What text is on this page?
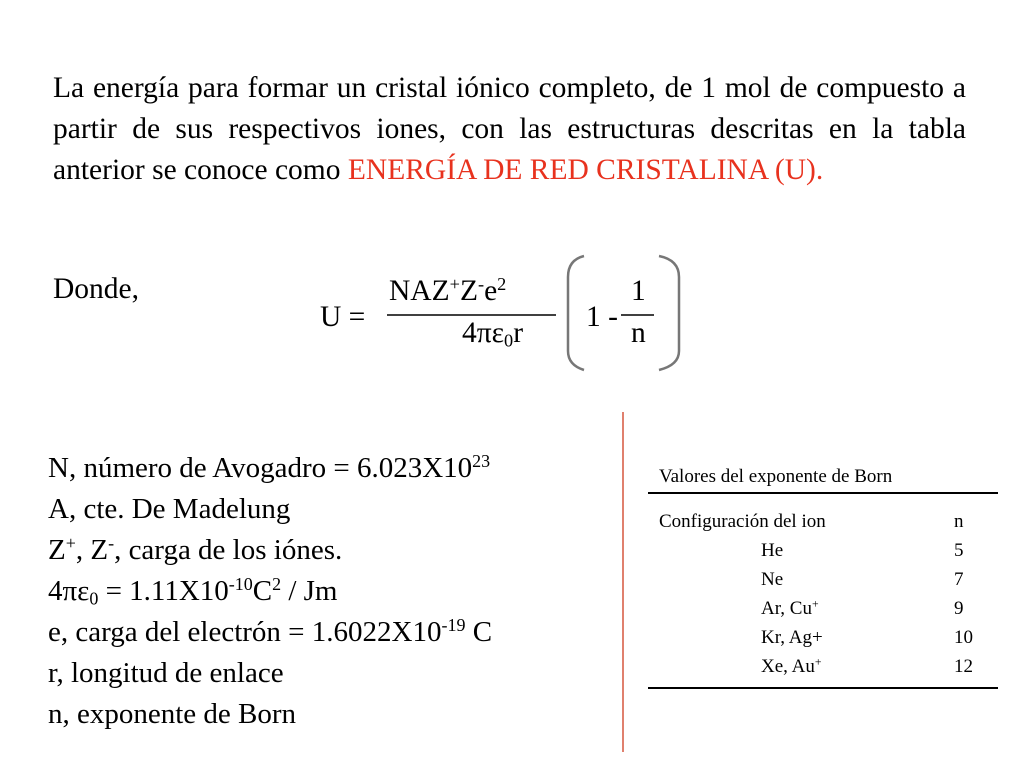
La energía para formar un cristal iónico completo, de 1 mol de compuesto a partir de sus respectivos iones, con las estructuras descritas en la tabla anterior se conoce como ENERGÍA DE RED CRISTALINA (U).

Donde,

U =
$NAZ^+Z^-e^2$
$4\pi\varepsilon_0r$ 1 -
1
n
N, número de Avogadro = $6.023X10^{23}$
A, cte. De Madelung
Z+, Z-, carga de los iónes.
$4\pi\varepsilon_0 = 1.11X10^{-10}C^2 / Jm$
e, carga del electrón = $1.6022X10^{-19}$ C
r, longitud de enlace
n, exponente de Born
Valores del exponente de Born
Configuración del ion	n
He	5
Ne	7
Ar, Cu+	9
Kr, Ag+	10
Xe, Au+	12
